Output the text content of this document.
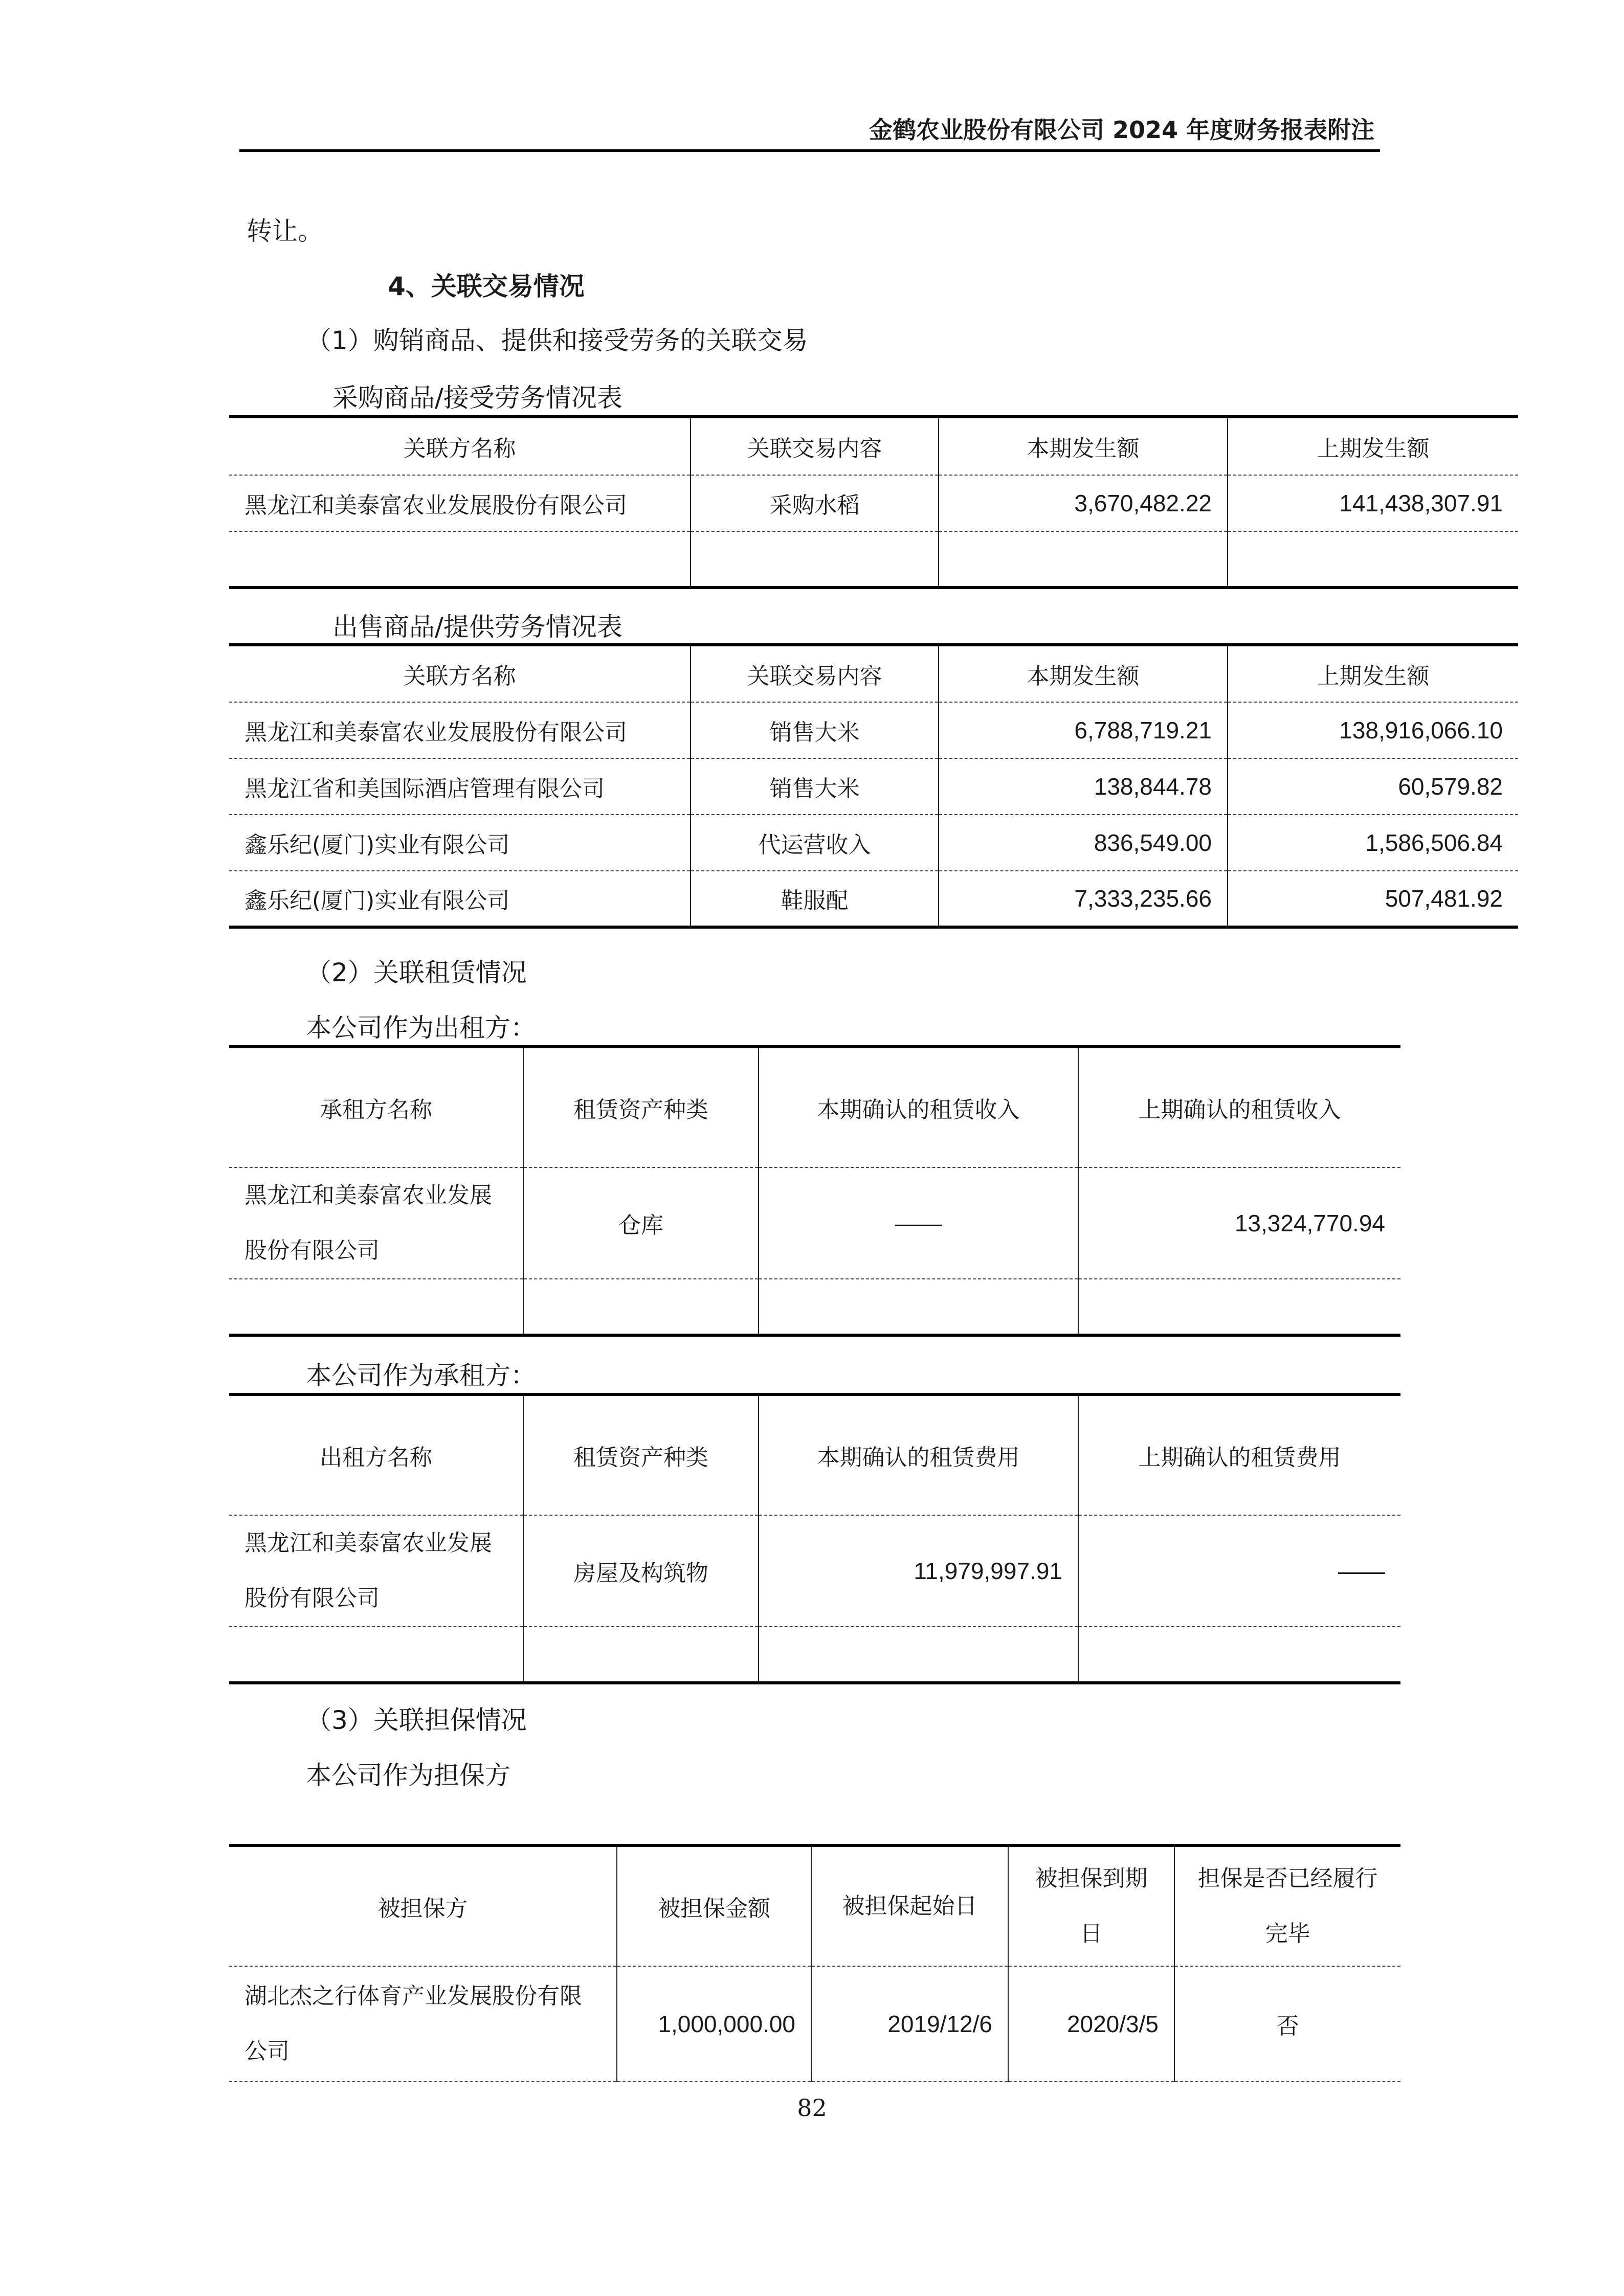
金鹤农业股份有限公司 2024 年度财务报表附注
转让。
4、关联交易情况
（1）购销商品、提供和接受劳务的关联交易
采购商品/接受劳务情况表
关联方名称	关联交易内容	本期发生额	上期发生额
黑龙江和美泰富农业发展股份有限公司	采购水稻	3,670,482.22	141,438,307.91

出售商品/提供劳务情况表
关联方名称	关联交易内容	本期发生额	上期发生额
黑龙江和美泰富农业发展股份有限公司	销售大米	6,788,719.21	138,916,066.10
黑龙江省和美国际酒店管理有限公司	销售大米	138,844.78	60,579.82
鑫乐纪(厦门)实业有限公司	代运营收入	836,549.00	1,586,506.84
鑫乐纪(厦门)实业有限公司	鞋服配	7,333,235.66	507,481.92
（2）关联租赁情况
本公司作为出租方：
承租方名称	租赁资产种类	本期确认的租赁收入	上期确认的租赁收入
黑龙江和美泰富农业发展股份有限公司	仓库	——	13,324,770.94

本公司作为承租方：
出租方名称	租赁资产种类	本期确认的租赁费用	上期确认的租赁费用
黑龙江和美泰富农业发展股份有限公司	房屋及构筑物	11,979,997.91	——

（3）关联担保情况
本公司作为担保方
被担保方	被担保金额	被担保起始日	被担保到期日	担保是否已经履行完毕
湖北杰之行体育产业发展股份有限公司	1,000,000.00	2019/12/6	2020/3/5	否
82
